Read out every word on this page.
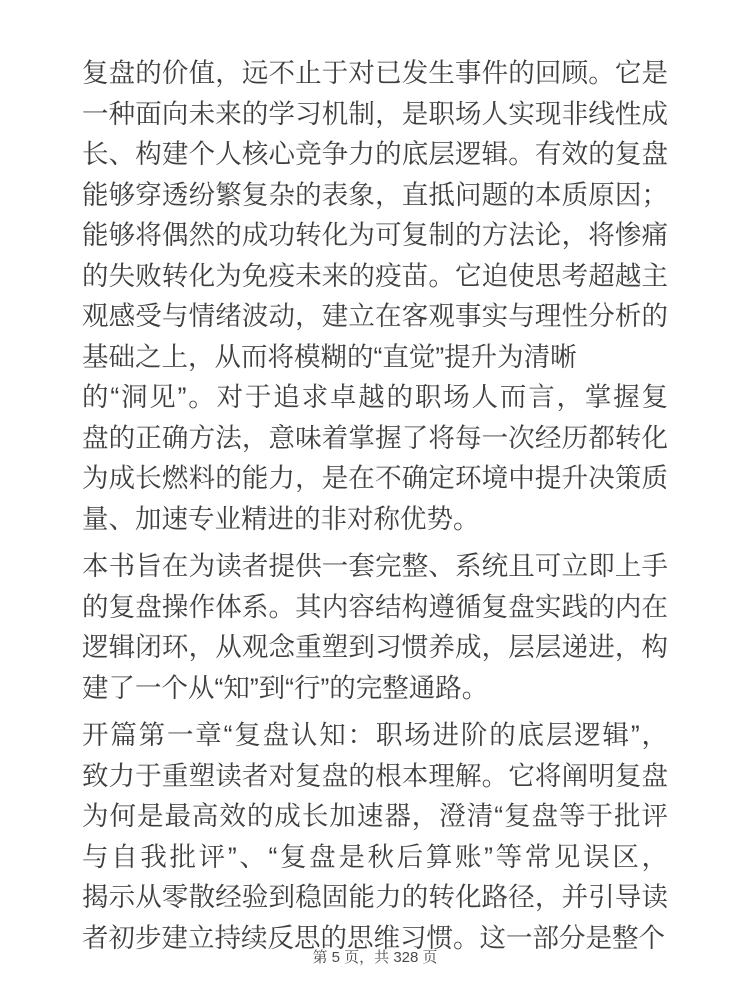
复盘的价值，远不止于对已发生事件的回顾。它是
一种面向未来的学习机制，是职场人实现非线性成
长、构建个人核心竞争力的底层逻辑。有效的复盘
能够穿透纷繁复杂的表象，直抵问题的本质原因；
能够将偶然的成功转化为可复制的方法论，将惨痛
的失败转化为免疫未来的疫苗。它迫使思考超越主
观感受与情绪波动，建立在客观事实与理性分析的
基础之上，从而将模糊的“直觉”提升为清晰
的“洞见”。对于追求卓越的职场人而言，掌握复
盘的正确方法，意味着掌握了将每一次经历都转化
为成长燃料的能力，是在不确定环境中提升决策质
量、加速专业精进的非对称优势。
本书旨在为读者提供一套完整、系统且可立即上手
的复盘操作体系。其内容结构遵循复盘实践的内在
逻辑闭环，从观念重塑到习惯养成，层层递进，构
建了一个从“知”到“行”的完整通路。
开篇第一章“复盘认知：职场进阶的底层逻辑”，
致力于重塑读者对复盘的根本理解。它将阐明复盘
为何是最高效的成长加速器，澄清“复盘等于批评
与自我批评”、“复盘是秋后算账”等常见误区，
揭示从零散经验到稳固能力的转化路径，并引导读
者初步建立持续反思的思维习惯。这一部分是整个
第 5 页，共 328 页
